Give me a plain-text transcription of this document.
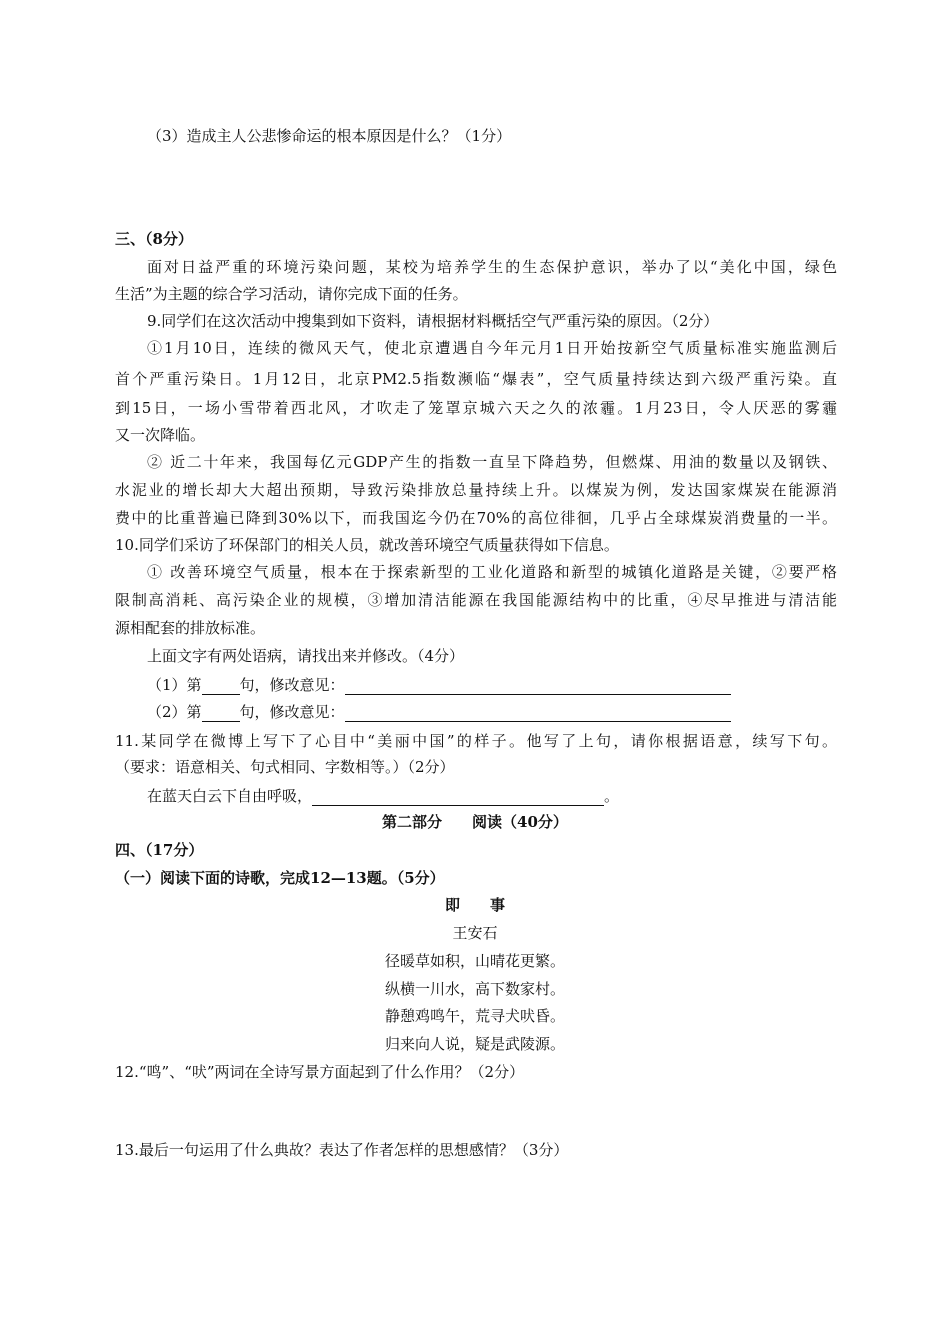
（3）造成主人公悲惨命运的根本原因是什么？（1分）
三、（8分）
面对日益严重的环境污染问题，某校为培养学生的生态保护意识，举办了以“美化中国，绿色
生活”为主题的综合学习活动，请你完成下面的任务。
9.同学们在这次活动中搜集到如下资料，请根据材料概括空气严重污染的原因。（2分）
①1月10日，连续的微风天气，使北京遭遇自今年元月1日开始按新空气质量标准实施监测后
首个严重污染日。1月12日，北京PM2.5指数濒临“爆表”，空气质量持续达到六级严重污染。直
到15日，一场小雪带着西北风，才吹走了笼罩京城六天之久的浓霾。1月23日，令人厌恶的雾霾
又一次降临。
② 近二十年来，我国每亿元GDP产生的指数一直呈下降趋势，但燃煤、用油的数量以及钢铁、
水泥业的增长却大大超出预期，导致污染排放总量持续上升。以煤炭为例，发达国家煤炭在能源消
费中的比重普遍已降到30%以下，而我国迄今仍在70%的高位徘徊，几乎占全球煤炭消费量的一半。
10.同学们采访了环保部门的相关人员，就改善环境空气质量获得如下信息。
① 改善环境空气质量，根本在于探索新型的工业化道路和新型的城镇化道路是关键，②要严格
限制高消耗、高污染企业的规模，③增加清洁能源在我国能源结构中的比重，④尽早推进与清洁能
源相配套的排放标准。
上面文字有两处语病，请找出来并修改。（4分）
（1）第	句，修改意见：
（2）第	句，修改意见：
11.某同学在微博上写下了心目中“美丽中国”的样子。他写了上句，请你根据语意，续写下句。
（要求：语意相关、句式相同、字数相等。）（2分）
在蓝天白云下自由呼吸，	。
第二部分　　阅读（40分）
四、（17分）
（一）阅读下面的诗歌，完成12—13题。（5分）
即　　事
王安石
径暖草如积，山晴花更繁。
纵横一川水，高下数家村。
静憩鸡鸣午，荒寻犬吠昏。
归来向人说，疑是武陵源。
12.“鸣”、“吠”两词在全诗写景方面起到了什么作用？（2分）
13.最后一句运用了什么典故？表达了作者怎样的思想感情？（3分）
